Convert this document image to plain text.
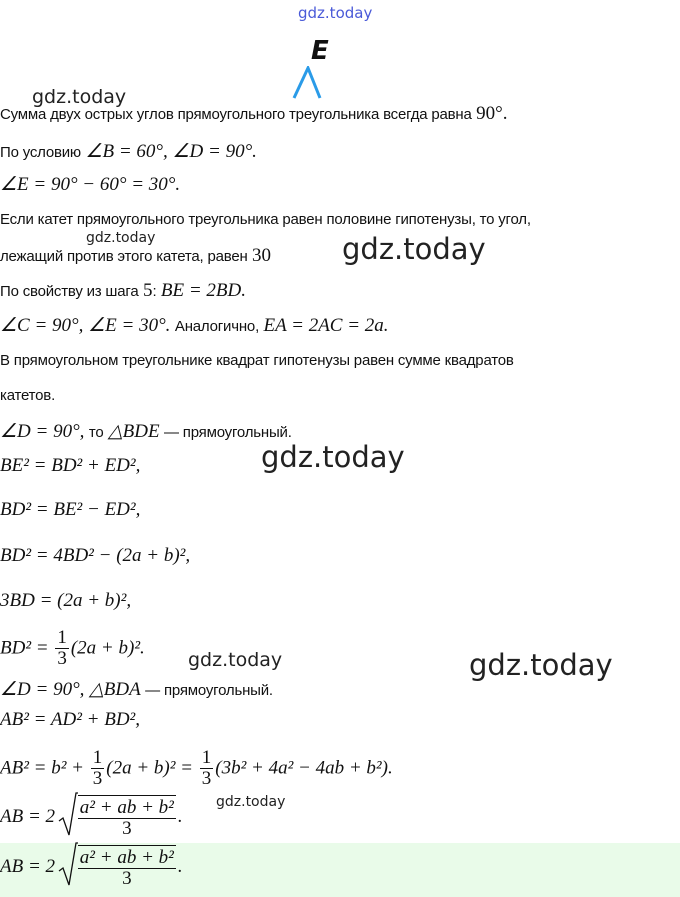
gdz.today
gdz.today
gdz.today	gdz.today
gdz.today
gdz.today	gdz.today
gdz.today
E
Сумма двух острых углов прямоугольного треугольника всегда равна 90°.
По условию ∠B = 60°, ∠D = 90°.
∠E = 90° − 60° = 30°.
Если катет прямоугольного треугольника равен половине гипотенузы, то угол,
лежащий против этого катета, равен 30
По свойству из шага 5: BE = 2BD.
∠C = 90°, ∠E = 30°. Аналогично, EA = 2AC = 2a.
В прямоугольном треугольнике квадрат гипотенузы равен сумме квадратов
катетов.
∠D = 90°, то △BDE — прямоугольный.
BE² = BD² + ED²,
BD² = BE² − ED²,
BD² = 4BD² − (2a + b)²,
3BD = (2a + b)²,
$BD^2 = \frac{1}{3} (2a + b)^2$.
∠D = 90°, △BDA — прямоугольный.
AB² = AD² + BD²,
$AB^2 = b^2 + \frac{1}{3} (2a + b)^2 = \frac{1}{3} (3b^2 + 4a^2 - 4ab + b^2)$.
AB = $2 \frac{\text{a² + ab + b²}}{3}$ .
AB = $2 \frac{\text{a² + ab + b²}}{3}$ .
